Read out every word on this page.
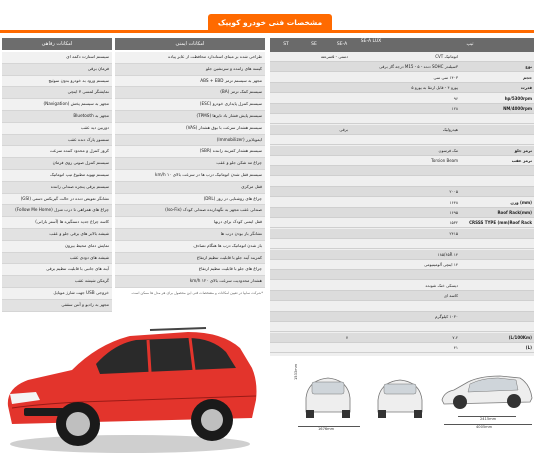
مشخصات فنی خودرو کوییک
امکانات رفاهی
سیستم استارت دکمه ای
فرمان برقی
سیستم ورود به خودرو بدون سوئیچ
نمایشگر لمسی ۷ اینچی
مجهز به سیستم پخش (Navigation)
مجهز به Bluetooth
دوربین دید عقب
سنسور پارک دنده عقب
کروز کنترل و محدود کننده سرعت
سیستم کنترل صوتی روی فرمان
سیستم تهویه مطبوع تیپ اتوماتیک
سیستم برقی پنجره صندلی راننده
نشانگر تعویض دنده در حالت گیربکس دستی (GSI)
چراغ های همراهی تا درب منزل (Follow Me Home)
کاسه چراغ جدید دستگیره ها (آستر بارانی)
شیشه بالابر های برقی جلو و عقب
تمایش دمای محیط بیرون
شیشه های دودی عقب
آینه های جانبی با قابلیت تنظیم برقی
گرمکن شیشه عقب
خروجی USB جهت شارژ موبایل
مجهز به رادیو و آنتن سقفی
امکانات ایمنی
طراحی شده بر مبنای استاندارد محافظت از عابر پیاده
کیسه های راننده و سرنشین جلو
مجهز به سیستم ترمز ABS + EBD
سیستم کمک ترمز (BA)
سیستم کنترل پایداری خودرو (ESC)
سیستم پایش فشار باد تایرها (TPMS)
سیستم هشدار سرعت با بوق هشدار (VAS)
ایموبلایزر (Immobilizer)
سیستم هشدار کمربند راننده (SBR)
چراغ مه شکن جلو و عقب
سیستم قفل شدن اتوماتیک درب ها در سرعت بالای ۱۰ km/h
قفل مرکزی
چراغ های روشنایی در روز (DRL)
صندلی عقب مجهز به نگهدارنده صندلی کودک (Iso-Fix)
قفل ایمنی کودک برای دربها
نشانگر باز بودن درب ها
باز شدن اتوماتیک درب ها هنگام تصادف
کمربند آینه جلو با قابلیت تنظیم ارتفاع
چراغ های جلو با قابلیت تنظیم ارتفاع
هشدار محدودیت سرعت بالای ۱۲۰ km/h
*شرکت سایپا در تعیین امکانات و مشخصات فنی این محصول برای هر مدل ها ممکن است.
ST	SE	SE-A
SE-A LUX
تیپ
اتوماتیک CVT
دستی - ۵سرعته
نوع
۳سیلندر SOHC دنده - M15 - ۵ درجه گاز برقی
حجم
۱۴۰۳ سی سی
قدرت
پورو ۴ - قابل ارتقا به یورو ۵
hp/5300rpm
۹۶
NM/4000rpm
۱۲۸
هیدرولیک
برقی
ترمز جلو
مک فرسون
ترمز عقب
Torsion Beam
۲۰۰۵
(mm) وزن
۱۶۴۸
(mm)Roof Rack
۱۶۹۵
CRSSS TYPE (mm)Roof Rack
۱۵۳۲
۲۴۱۵
۱۸۵/۶۵R ۱۴
۱۴ اینچی آلومینیومی
دیسکی خنک شونده
کاسه ای
۱۰۳۰ کیلوگرم
(L/100Km)
۷.۲
۷
(L)
۴۱
1676mm
1533mm
2415mm
4005mm
